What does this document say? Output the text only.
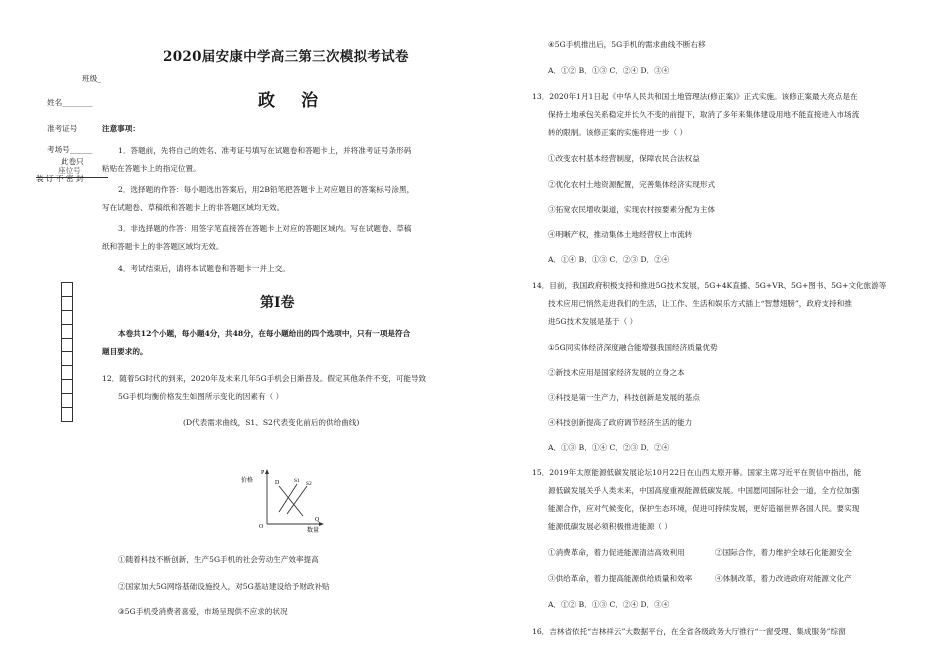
2020届安康中学高三第三次模拟考试卷
班级_
姓名________
准考证号
考场号______
此卷只
座位号
装 订 不 密 封
政治
注意事项：
1．答题前，先将自己的姓名、准考证号填写在试题卷和答题卡上，并将准考证号条形码
粘贴在答题卡上的指定位置。
2．选择题的作答：每小题选出答案后，用2B铅笔把答题卡上对应题目的答案标号涂黑，
写在试题卷、草稿纸和答题卡上的非答题区域均无效。
3．非选择题的作答：用签字笔直接答在答题卡上对应的答题区域内。写在试题卷、草稿
纸和答题卡上的非答题区域均无效。
4．考试结束后，请将本试题卷和答题卡一并上交。
第Ⅰ卷
本卷共12个小题，每小题4分，共48分，在每小题给出的四个选项中，只有一项是符合
题目要求的。
12．随着5G时代的到来，2020年及未来几年5G手机会日渐普及。假定其他条件不变，可能导致
5G手机均衡价格发生如图所示变化的因素有（ ）
(D代表需求曲线，S1、S2代表变化前后的供给曲线)
P
价格	D	S1 S2
O
Q
数量
①随着科技不断创新，生产5G手机的社会劳动生产效率提高
②国家加大5G网络基础设施投入，对5G基站建设给予财政补贴
③5G手机受消费者喜爱，市场呈现供不应求的状况
④5G手机推出后，5G手机的需求曲线不断右移
A．①② B．①③ C．②④ D．③④
13．2020年1月1日起《中华人民共和国土地管理法(修正案)》正式实施。该修正案最大亮点是在
保持土地承包关系稳定并长久不变的前提下，取消了多年来集体建设用地不能直接进入市场流
转的限制。该修正案的实施将进一步（ ）
①改变农村基本经营制度，保障农民合法权益
②优化农村土地资源配置，完善集体经济实现形式
③拓宽农民增收渠道，实现农村按要素分配为主体
④明晰产权，推动集体土地经营权上市流转
A．①④ B．①③ C．②③ D．②④
14．目前，我国政府积极支持和推进5G技术发展，5G+4K直播、5G+VR、5G+图书、5G+文化旅游等
技术应用已悄然走进我们的生活，让工作、生活和娱乐方式插上“智慧翅膀”，政府支持和推
进5G技术发展是基于（ ）
①5G同实体经济深度融合能增强我国经济质量优势
②新技术应用是国家经济发展的立身之本
③科技是第一生产力，科技创新是发展的基点
④科技创新提高了政府调节经济生活的能力
A．①③ B．①④ C．②③ D．②④
15．2019年太原能源低碳发展论坛10月22日在山西太原开幕。国家主席习近平在贺信中指出，能
源低碳发展关乎人类未来，中国高度重视能源低碳发展。中国愿同国际社会一道，全方位加强
能源合作，应对气候变化，保护生态环境，促进可持续发展，更好造福世界各国人民。要实现
能源低碳发展必须积极推进能源（ ）
①消费革命，着力促进能源清洁高效利用	②国际合作，着力维护全球石化能源安全
③供给革命，着力提高能源供给质量和效率	④体制改革，着力改进政府对能源文化产
A．①② B．①③ C．②④ D．③④
16．吉林省依托“吉林祥云”大数据平台，在全省各级政务大厅推行“一窗受理、集成服务”综窗
